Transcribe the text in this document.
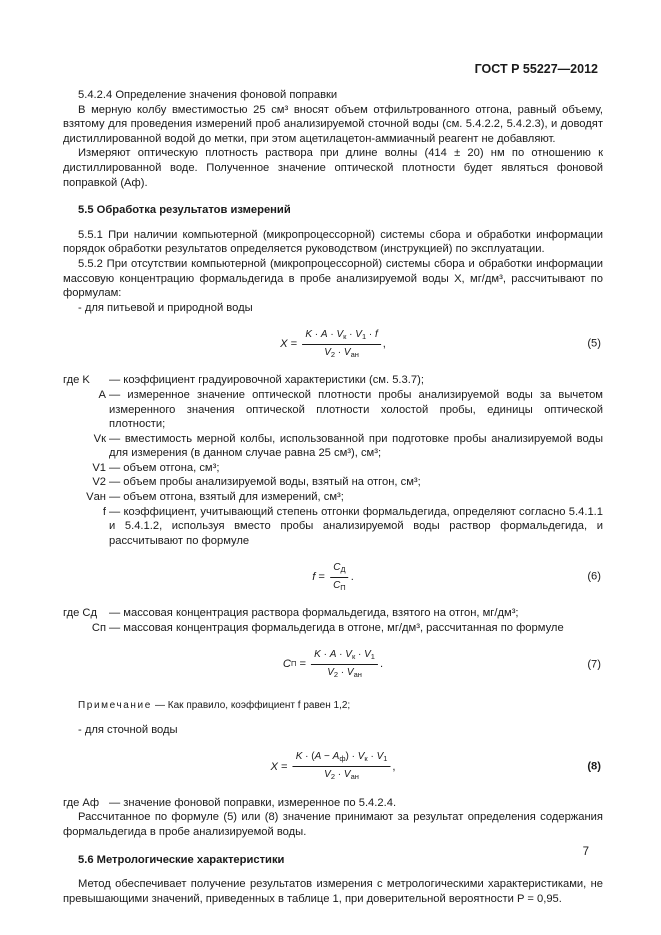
ГОСТ Р 55227—2012

5.4.2.4 Определение значения фоновой поправки

В мерную колбу вместимостью 25 см³ вносят объем отфильтрованного отгона, равный объему, взятому для проведения измерений проб анализируемой сточной воды (см. 5.4.2.2, 5.4.2.3), и доводят дистиллированной водой до метки, при этом ацетилацетон-аммиачный реагент не добавляют.

Измеряют оптическую плотность раствора при длине волны (414 ± 20) нм по отношению к дистиллированной воде. Полученное значение оптической плотности будет являться фоновой поправкой (Aф).

5.5 Обработка результатов измерений

5.5.1 При наличии компьютерной (микропроцессорной) системы сбора и обработки информации порядок обработки результатов определяется руководством (инструкцией) по эксплуатации.

5.5.2 При отсутствии компьютерной (микропроцессорной) системы сбора и обработки информации массовую концентрацию формальдегида в пробе анализируемой воды X, мг/дм³, рассчитывают по формулам:

- для питьевой и природной воды

$X = \frac{K \cdot A \cdot V_к \cdot V_1 \cdot f}{V_2 \cdot V_{ан}}$ ,	(5)
где K	— коэффициент градуировочной характеристики (см. 5.3.7);
A — измеренное значение оптической плотности пробы анализируемой воды за вычетом измеренного значения оптической плотности холостой пробы, единицы оптической плотности;
Vк — вместимость мерной колбы, использованной при подготовке пробы анализируемой воды для измерения (в данном случае равна 25 см³), см³;
V1 — объем отгона, см³;
V2 — объем пробы анализируемой воды, взятый на отгон, см³;
Vан — объем отгона, взятый для измерений, см³;
f — коэффициент, учитывающий степень отгонки формальдегида, определяют согласно 5.4.1.1 и 5.4.1.2, используя вместо пробы анализируемой воды раствор формальдегида, и рассчитывают по формуле
$f = \frac{C_Д}{C_П}$ .	(6)
где Cд	— массовая концентрация раствора формальдегида, взятого на отгон, мг/дм³;
Cп — массовая концентрация формальдегида в отгоне, мг/дм³, рассчитанная по формуле
C $П = \frac{K \cdot A \cdot V_к \cdot V_1}{V_2 \cdot V_{ан}}$ .	(7)

Примечание — Как правило, коэффициент f равен 1,2;

- для сточной воды

$X = \frac{K \cdot (A - A_ф) \cdot V_к \cdot V_1}{V_2 \cdot V_{ан}}$ ,	(8)
где Aф — значение фоновой поправки, измеренное по 5.4.2.4.

Рассчитанное по формуле (5) или (8) значение принимают за результат определения содержания формальдегида в пробе анализируемой воды.

5.6 Метрологические характеристики

Метод обеспечивает получение результатов измерения с метрологическими характеристиками, не превышающими значений, приведенных в таблице 1, при доверительной вероятности P = 0,95.

7
